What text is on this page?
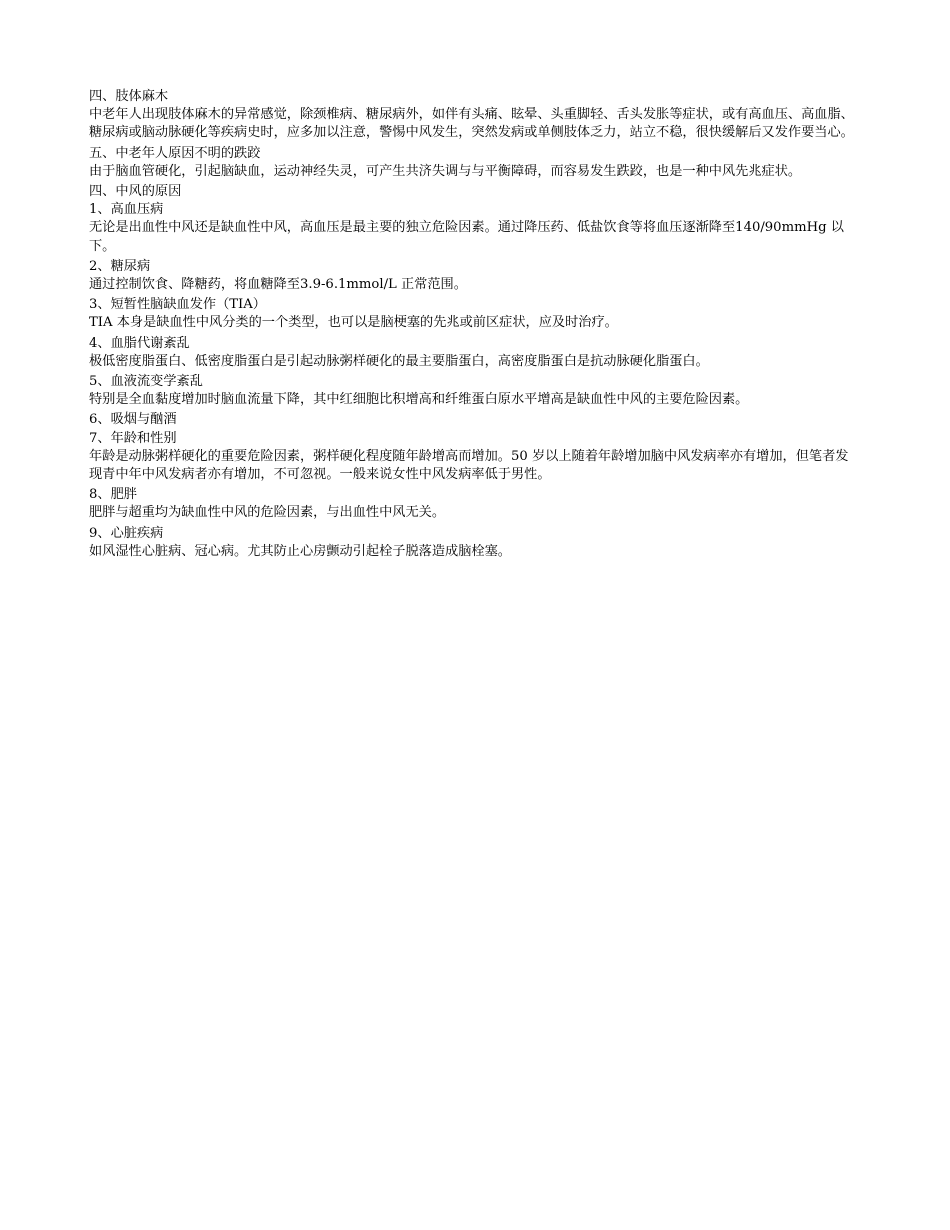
四、肢体麻木

中老年人出现肢体麻木的异常感觉，除颈椎病、糖尿病外，如伴有头痛、眩晕、头重脚轻、舌头发胀等症状，或有高血压、高血脂、糖尿病或脑动脉硬化等疾病史时，应多加以注意，警惕中风发生，突然发病或单侧肢体乏力，站立不稳，很快缓解后又发作要当心。

五、中老年人原因不明的跌跤

由于脑血管硬化，引起脑缺血，运动神经失灵，可产生共济失调与与平衡障碍，而容易发生跌跤，也是一种中风先兆症状。

四、中风的原因

1、高血压病

无论是出血性中风还是缺血性中风，高血压是最主要的独立危险因素。通过降压药、低盐饮食等将血压逐渐降至140/90mmHg 以下。

2、糖尿病

通过控制饮食、降糖药，将血糖降至3.9-6.1mmol/L 正常范围。

3、短暂性脑缺血发作（TIA）

TIA 本身是缺血性中风分类的一个类型，也可以是脑梗塞的先兆或前区症状，应及时治疗。

4、血脂代谢紊乱

极低密度脂蛋白、低密度脂蛋白是引起动脉粥样硬化的最主要脂蛋白，高密度脂蛋白是抗动脉硬化脂蛋白。

5、血液流变学紊乱

特别是全血黏度增加时脑血流量下降，其中红细胞比积增高和纤维蛋白原水平增高是缺血性中风的主要危险因素。

6、吸烟与酗酒

7、年龄和性别

年龄是动脉粥样硬化的重要危险因素，粥样硬化程度随年龄增高而增加。50 岁以上随着年龄增加脑中风发病率亦有增加，但笔者发现青中年中风发病者亦有增加，不可忽视。一般来说女性中风发病率低于男性。

8、肥胖

肥胖与超重均为缺血性中风的危险因素，与出血性中风无关。

9、心脏疾病

如风湿性心脏病、冠心病。尤其防止心房颤动引起栓子脱落造成脑栓塞。
